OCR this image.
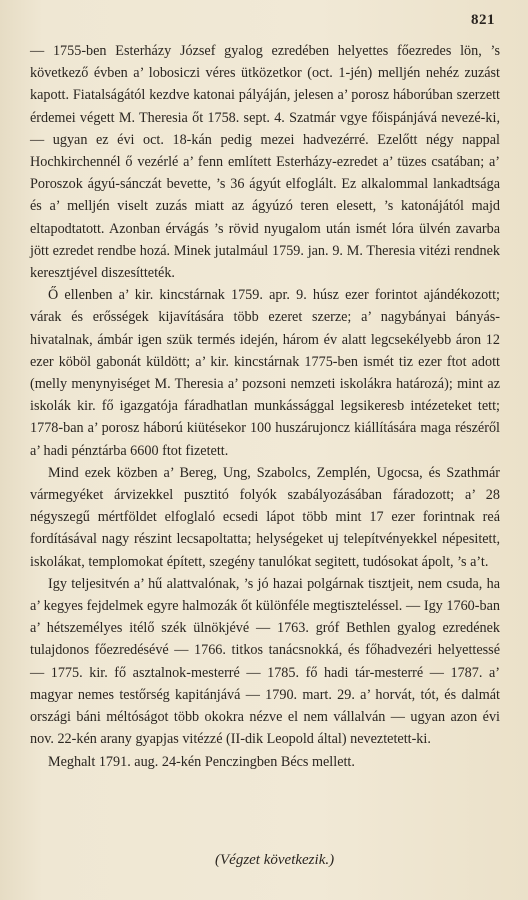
821

— 1755-ben Esterházy József gyalog ezredében helyettes főezredes lön, ’s következő évben a’ lobosiczi véres ütközetkor (oct. 1-jén) melljén nehéz zuzást kapott. Fiatalságától kezdve katonai pályáján, jelesen a’ porosz háborúban szerzett érdemei végett M. Theresia őt 1758. sept. 4. Szatmár vgye főispánjává nevezé-ki, — ugyan ez évi oct. 18-kán pedig mezei hadvezérré. Ezelőtt négy nappal Hochkirchennél ő vezérlé a’ fenn említett Esterházy-ezredet a’ tüzes csatában; a’ Poroszok ágyú-sánczát bevette, ’s 36 ágyút elfoglált. Ez alkalommal lankadtsága és a’ melljén viselt zuzás miatt az ágyúzó teren elesett, ’s katonájától majd eltapodtatott. Azonban érvágás ’s rövid nyugalom után ismét lóra ülvén zavarba jött ezredet rendbe hozá. Minek jutalmául 1759. jan. 9. M. Theresia vitézi rendnek keresztjével diszesítteték.

Ő ellenben a’ kir. kincstárnak 1759. apr. 9. húsz ezer forintot ajándékozott; várak és erősségek kijavítására több ezeret szerze; a’ nagybányai bányás-hivatalnak, ámbár igen szük termés idején, három év alatt legcsekélyebb áron 12 ezer köböl gabonát küldött; a’ kir. kincstárnak 1775-ben ismét tiz ezer ftot adott (melly menynyiséget M. Theresia a’ pozsoni nemzeti iskolákra határozá); mint az iskolák kir. fő igazgatója fáradhatlan munkássággal legsikeresb intézeteket tett; 1778-ban a’ porosz háború kiütésekor 100 huszárujoncz kiállítására maga részéről a’ hadi pénztárba 6600 ftot fizetett.

Mind ezek közben a’ Bereg, Ung, Szabolcs, Zemplén, Ugocsa, és Szathmár vármegyéket árvizekkel pusztitó folyók szabályozásában fáradozott; a’ 28 négyszegű mértföldet elfoglaló ecsedi lápot több mint 17 ezer forintnak reá fordításával nagy részint lecsapoltatta; helységeket uj telepítvényekkel népesitett, iskolákat, templomokat épített, szegény tanulókat segitett, tudósokat ápolt, ’s a’t.

Igy teljesitvén a’ hű alattvalónak, ’s jó hazai polgárnak tisztjeit, nem csuda, ha a’ kegyes fejdelmek egyre halmozák őt különféle megtiszteléssel. — Igy 1760-ban a’ hétszemélyes itélő szék ülnökjévé — 1763. gróf Bethlen gyalog ezredének tulajdonos főezredésévé — 1766. titkos tanácsnokká, és főhadvezéri helyettessé — 1775. kir. fő asztalnok-mesterré — 1785. fő hadi tár-mesterré — 1787. a’ magyar nemes testőrség kapitánjává — 1790. mart. 29. a’ horvát, tót, és dalmát országi báni méltóságot több okokra nézve el nem vállalván — ugyan azon évi nov. 22-kén arany gyapjas vitézzé (II-dik Leopold által) neveztetett-ki.

Meghalt 1791. aug. 24-kén Penczingben Bécs mellett.

(Végzet következik.)
